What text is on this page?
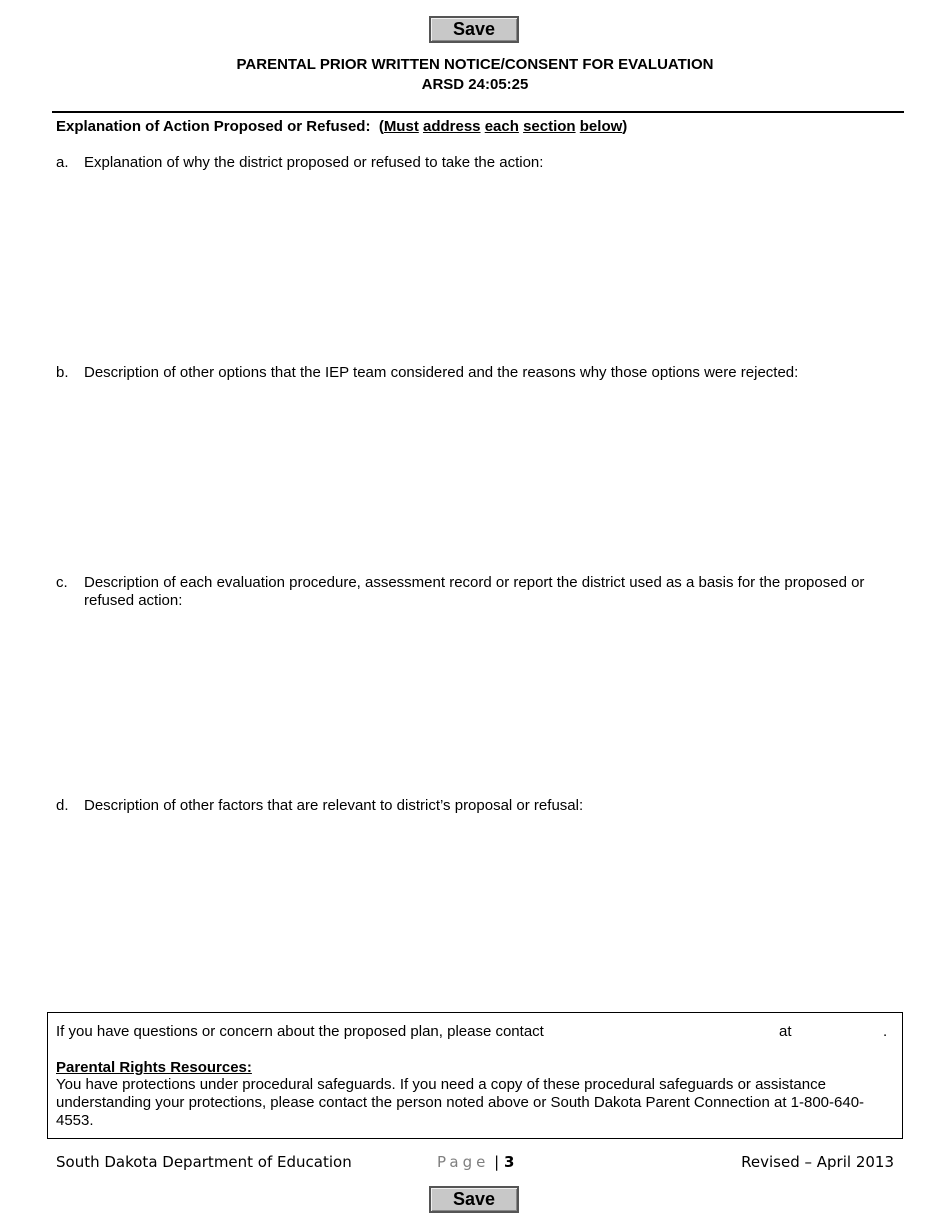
Save
PARENTAL PRIOR WRITTEN NOTICE/CONSENT FOR EVALUATION
ARSD 24:05:25
Explanation of Action Proposed or Refused: (Must address each section below)
a. Explanation of why the district proposed or refused to take the action:
b. Description of other options that the IEP team considered and the reasons why those options were rejected:
c. Description of each evaluation procedure, assessment record or report the district used as a basis for the proposed or refused action:
d. Description of other factors that are relevant to district’s proposal or refusal:
If you have questions or concern about the proposed plan, please contact	at	.
Parental Rights Resources:
You have protections under procedural safeguards. If you need a copy of these procedural safeguards or assistance understanding your protections, please contact the person noted above or South Dakota Parent Connection at 1-800-640-4553.
South Dakota Department of Education	Page | 3	Revised – April 2013
Save
